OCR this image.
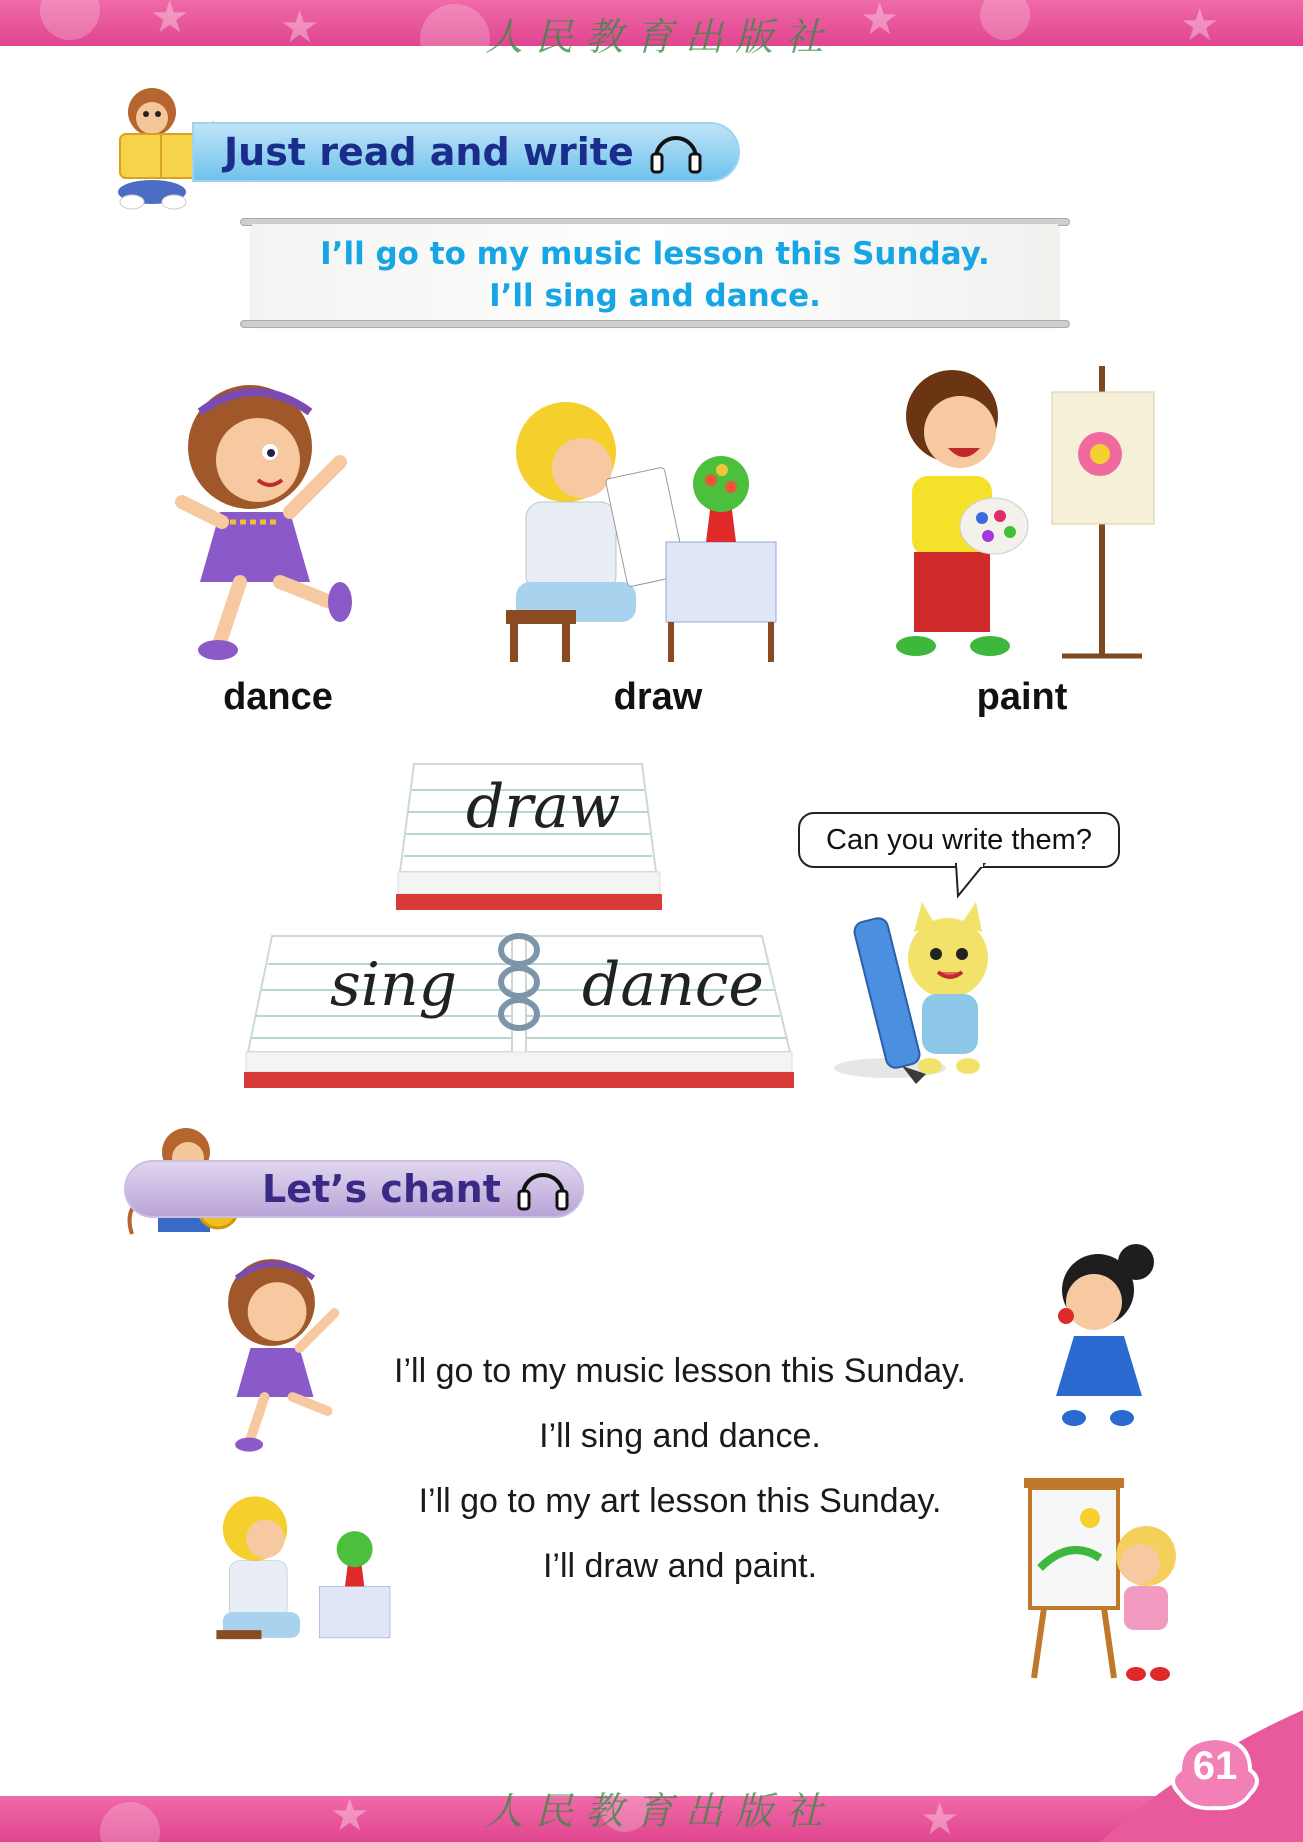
★ ★	★	★
人民教育出版社
Just read and write
I’ll go to my music lesson this Sunday.
I’ll sing and dance.
dance	draw	paint
draw
sing dance
Can you write them?
Let’s chant
I’ll go to my music lesson this Sunday.
I’ll sing and dance.
I’ll go to my art lesson this Sunday.
I’ll draw and paint.
★	★
61
人民教育出版社
